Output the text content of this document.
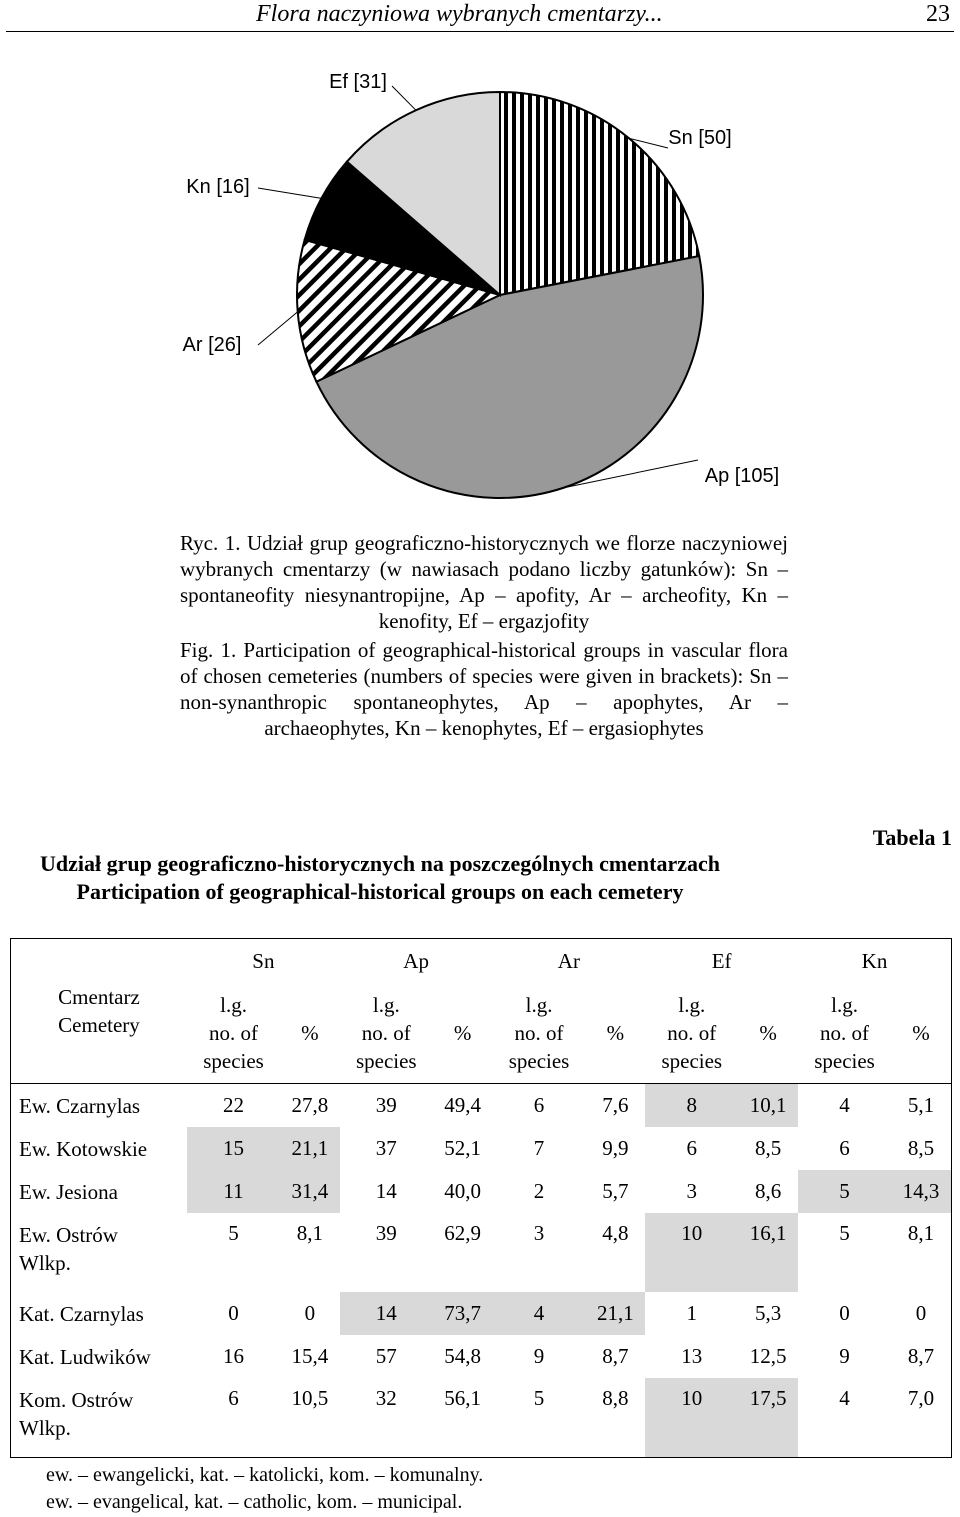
Flora naczyniowa wybranych cmentarzy...	23
Sn [50]
Ap [105]
Ar [26]
Kn [16]
Ef [31]
Ryc. 1. Udział grup geograficzno-historycznych we florze naczyniowej wybranych cmentarzy (w nawiasach podano liczby gatunków): Sn – spontaneofity niesynantropijne, Ap – apofity, Ar – archeofity, Kn – kenofity, Ef – ergazjofity
Fig. 1. Participation of geographical-historical groups in vascular flora of chosen cemeteries (numbers of species were given in brackets): Sn – non-synanthropic spontaneophytes, Ap – apophytes, Ar – archaeophytes, Kn – kenophytes, Ef – ergasiophytes
Tabela 1
Udział grup geograficzno-historycznych na poszczególnych cmentarzach
Participation of geographical-historical groups on each cemetery
Cmentarz
Cemetery	Sn		Ap		Ar		Ef		Kn	
	l.g.
no. of
species	%	l.g.
no. of
species	%	l.g.
no. of
species	%	l.g.
no. of
species	%	l.g.
no. of
species	%
Ew. Czarnylas	22	27,8	39	49,4	6	7,6	8	10,1	4	5,1
Ew. Kotowskie	15	21,1	37	52,1	7	9,9	6	8,5	6	8,5
Ew. Jesiona	11	31,4	14	40,0	2	5,7	3	8,6	5	14,3
Ew. Ostrów
Wlkp.	5	8,1	39	62,9	3	4,8	10	16,1	5	8,1
Kat. Czarnylas	0	0	14	73,7	4	21,1	1	5,3	0	0
Kat. Ludwików	16	15,4	57	54,8	9	8,7	13	12,5	9	8,7
Kom. Ostrów
Wlkp.	6	10,5	32	56,1	5	8,8	10	17,5	4	7,0
ew. – ewangelicki, kat. – katolicki, kom. – komunalny.
ew. – evangelical, kat. – catholic, kom. – municipal.
